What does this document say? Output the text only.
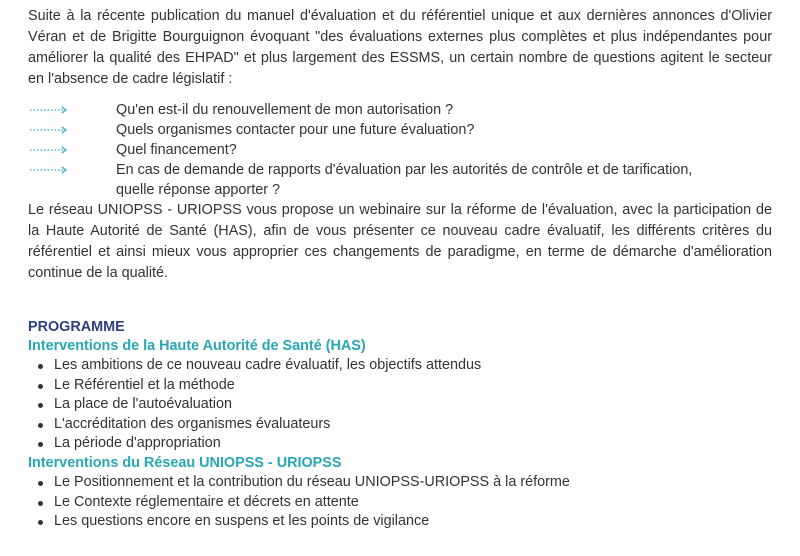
Suite à la récente publication du manuel d'évaluation et du référentiel unique et aux dernières annonces d'Olivier Véran et de Brigitte Bourguignon évoquant "des évaluations externes plus complètes et plus indépendantes pour améliorer la qualité des EHPAD" et plus largement des ESSMS, un certain nombre de questions agitent le secteur en l'absence de cadre législatif :

Qu'en est-il du renouvellement de mon autorisation ?
Quels organismes contacter pour une future évaluation?
Quel financement?
En cas de demande de rapports d'évaluation par les autorités de contrôle et de tarification,
quelle réponse apporter ?

Le réseau UNIOPSS - URIOPSS vous propose un webinaire sur la réforme de l'évaluation, avec la participation de la Haute Autorité de Santé (HAS), afin de vous présenter ce nouveau cadre évaluatif, les différents critères du référentiel et ainsi mieux vous approprier ces changements de paradigme, en terme de démarche d'amélioration continue de la qualité.

PROGRAMME
Interventions de la Haute Autorité de Santé (HAS)
Les ambitions de ce nouveau cadre évaluatif, les objectifs attendus
Le Référentiel et la méthode
La place de l'autoévaluation
L'accréditation des organismes évaluateurs
La période d'appropriation
Interventions du Réseau UNIOPSS - URIOPSS
Le Positionnement et la contribution du réseau UNIOPSS-URIOPSS à la réforme
Le Contexte réglementaire et décrets en attente
Les questions encore en suspens et les points de vigilance
